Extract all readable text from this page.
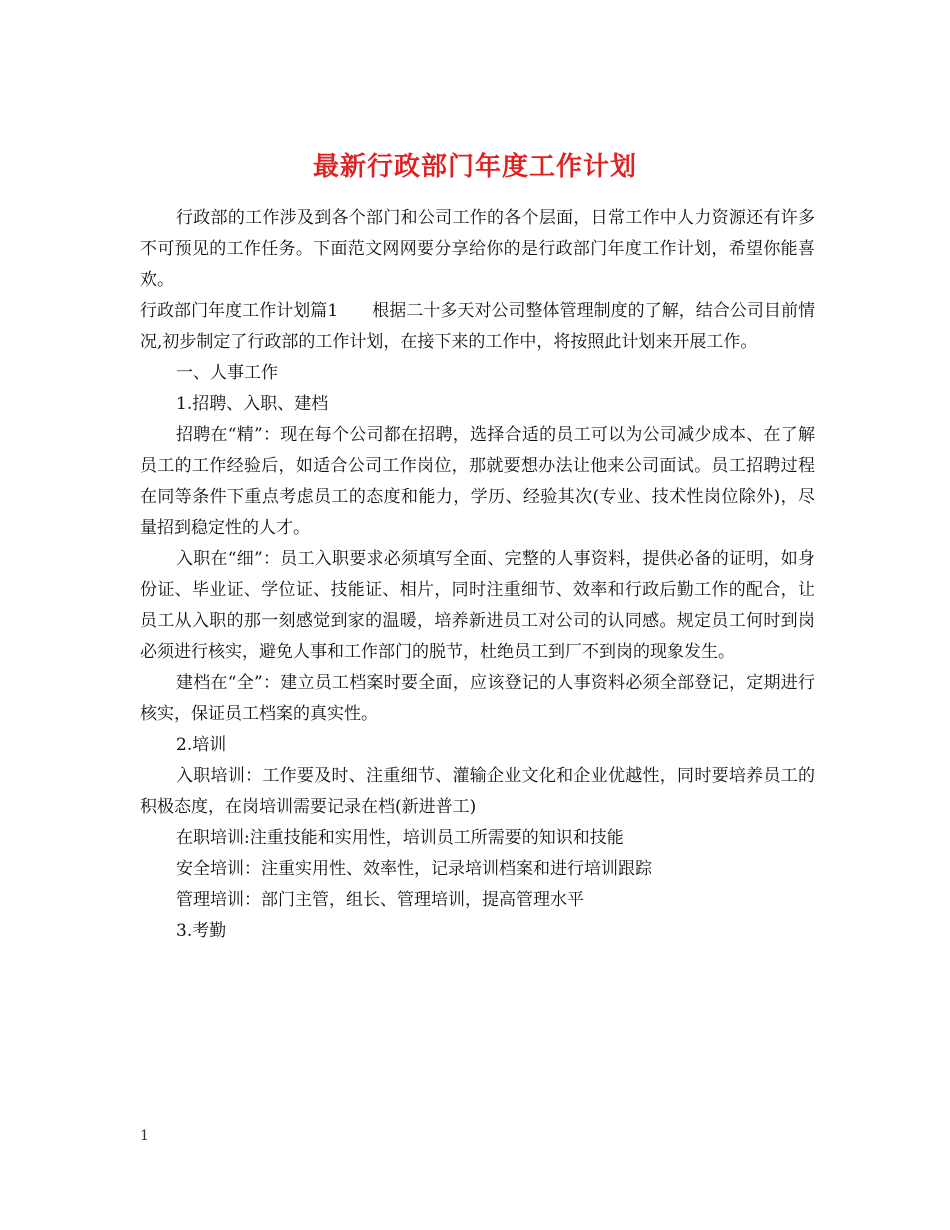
最新行政部门年度工作计划

行政部的工作涉及到各个部门和公司工作的各个层面，日常工作中人力资源还有许多不可预见的工作任务。下面范文网网要分享给你的是行政部门年度工作计划，希望你能喜欢。

行政部门年度工作计划篇1　　根据二十多天对公司整体管理制度的了解，结合公司目前情况,初步制定了行政部的工作计划，在接下来的工作中，将按照此计划来开展工作。

一、人事工作

1.招聘、入职、建档

招聘在“精”：现在每个公司都在招聘，选择合适的员工可以为公司减少成本、在了解员工的工作经验后，如适合公司工作岗位，那就要想办法让他来公司面试。员工招聘过程在同等条件下重点考虑员工的态度和能力，学历、经验其次(专业、技术性岗位除外)，尽量招到稳定性的人才。

入职在“细”：员工入职要求必须填写全面、完整的人事资料，提供必备的证明，如身份证、毕业证、学位证、技能证、相片，同时注重细节、效率和行政后勤工作的配合，让员工从入职的那一刻感觉到家的温暖，培养新进员工对公司的认同感。规定员工何时到岗必须进行核实，避免人事和工作部门的脱节，杜绝员工到厂不到岗的现象发生。

建档在“全”：建立员工档案时要全面，应该登记的人事资料必须全部登记，定期进行核实，保证员工档案的真实性。

2.培训

入职培训：工作要及时、注重细节、灌输企业文化和企业优越性，同时要培养员工的积极态度，在岗培训需要记录在档(新进普工)

在职培训:注重技能和实用性，培训员工所需要的知识和技能

安全培训：注重实用性、效率性，记录培训档案和进行培训跟踪

管理培训：部门主管，组长、管理培训，提高管理水平

3.考勤

1
